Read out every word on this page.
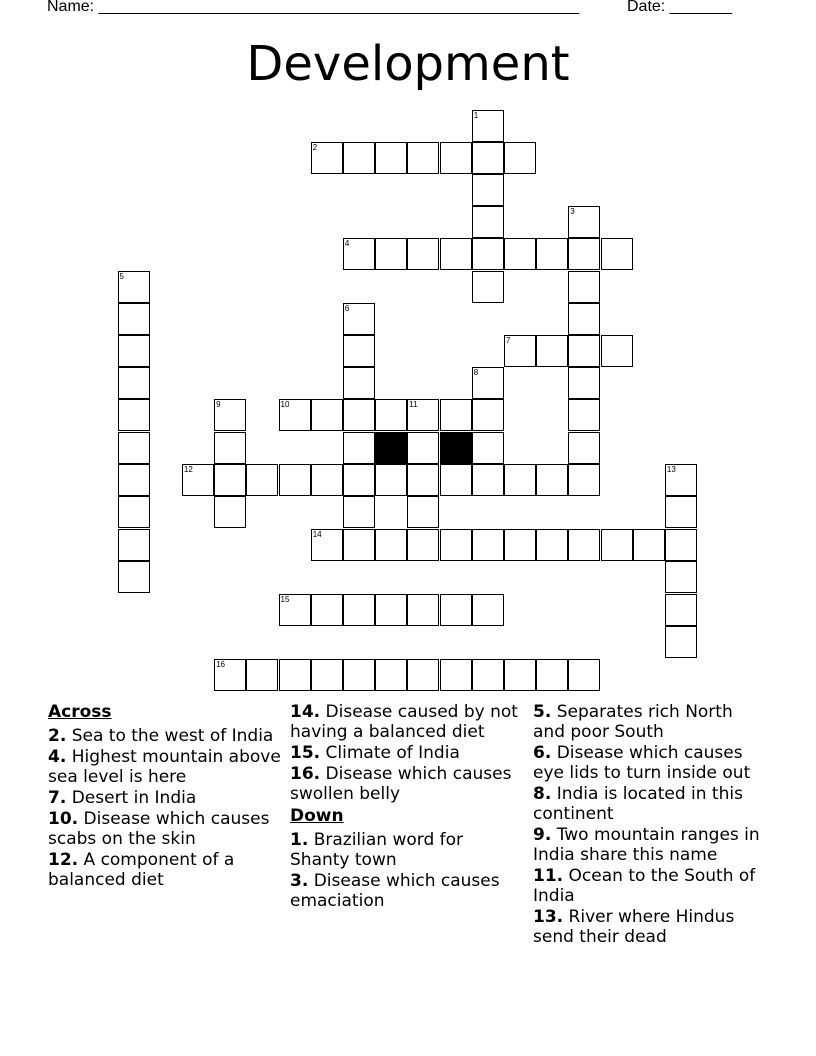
Name: ______________________________________________________	Date: _______
Development
2
4
7
10	11
12
14
15
16
1
3
5
6
8
9
13
Across

2. Sea to the west of India

4. Highest mountain above sea level is here

7. Desert in India

10. Disease which causes scabs on the skin

12. A component of a balanced diet

14. Disease caused by not having a balanced diet

15. Climate of India

16. Disease which causes swollen belly

Down

1. Brazilian word for Shanty town

3. Disease which causes emaciation

5. Separates rich North and poor South

6. Disease which causes eye lids to turn inside out

8. India is located in this continent

9. Two mountain ranges in India share this name

11. Ocean to the South of India

13. River where Hindus send their dead
